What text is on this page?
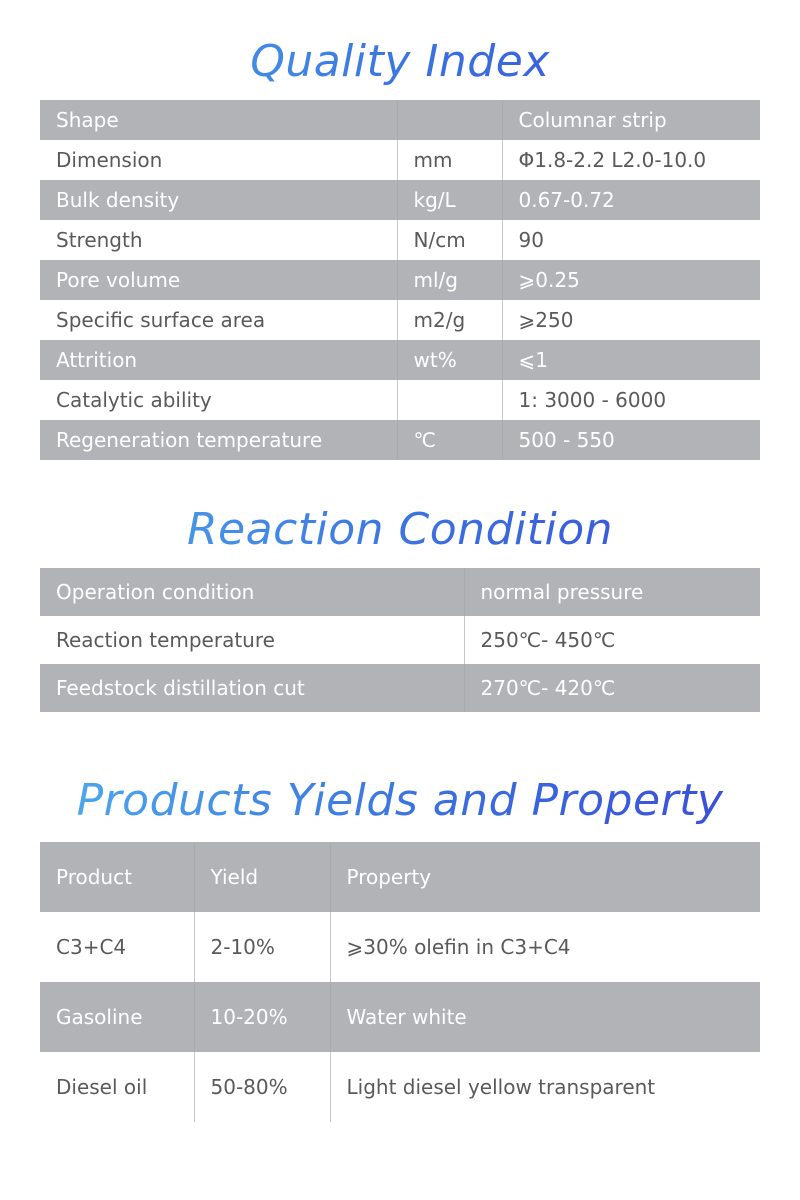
Quality Index
Shape		Columnar strip
Dimension	mm	Φ1.8-2.2 L2.0-10.0
Bulk density	kg/L	0.67-0.72
Strength	N/cm	90
Pore volume	ml/g	⩾0.25
Specific surface area	m2/g	⩾250
Attrition	wt%	⩽1
Catalytic ability		1: 3000 - 6000
Regeneration temperature	℃	500 - 550
Reaction Condition
Operation condition	normal pressure
Reaction temperature	250℃- 450℃
Feedstock distillation cut	270℃- 420℃
Products Yields and Property
Product	Yield	Property
C3+C4	2-10%	⩾30% olefin in C3+C4
Gasoline	10-20%	Water white
Diesel oil	50-80%	Light diesel yellow transparent
